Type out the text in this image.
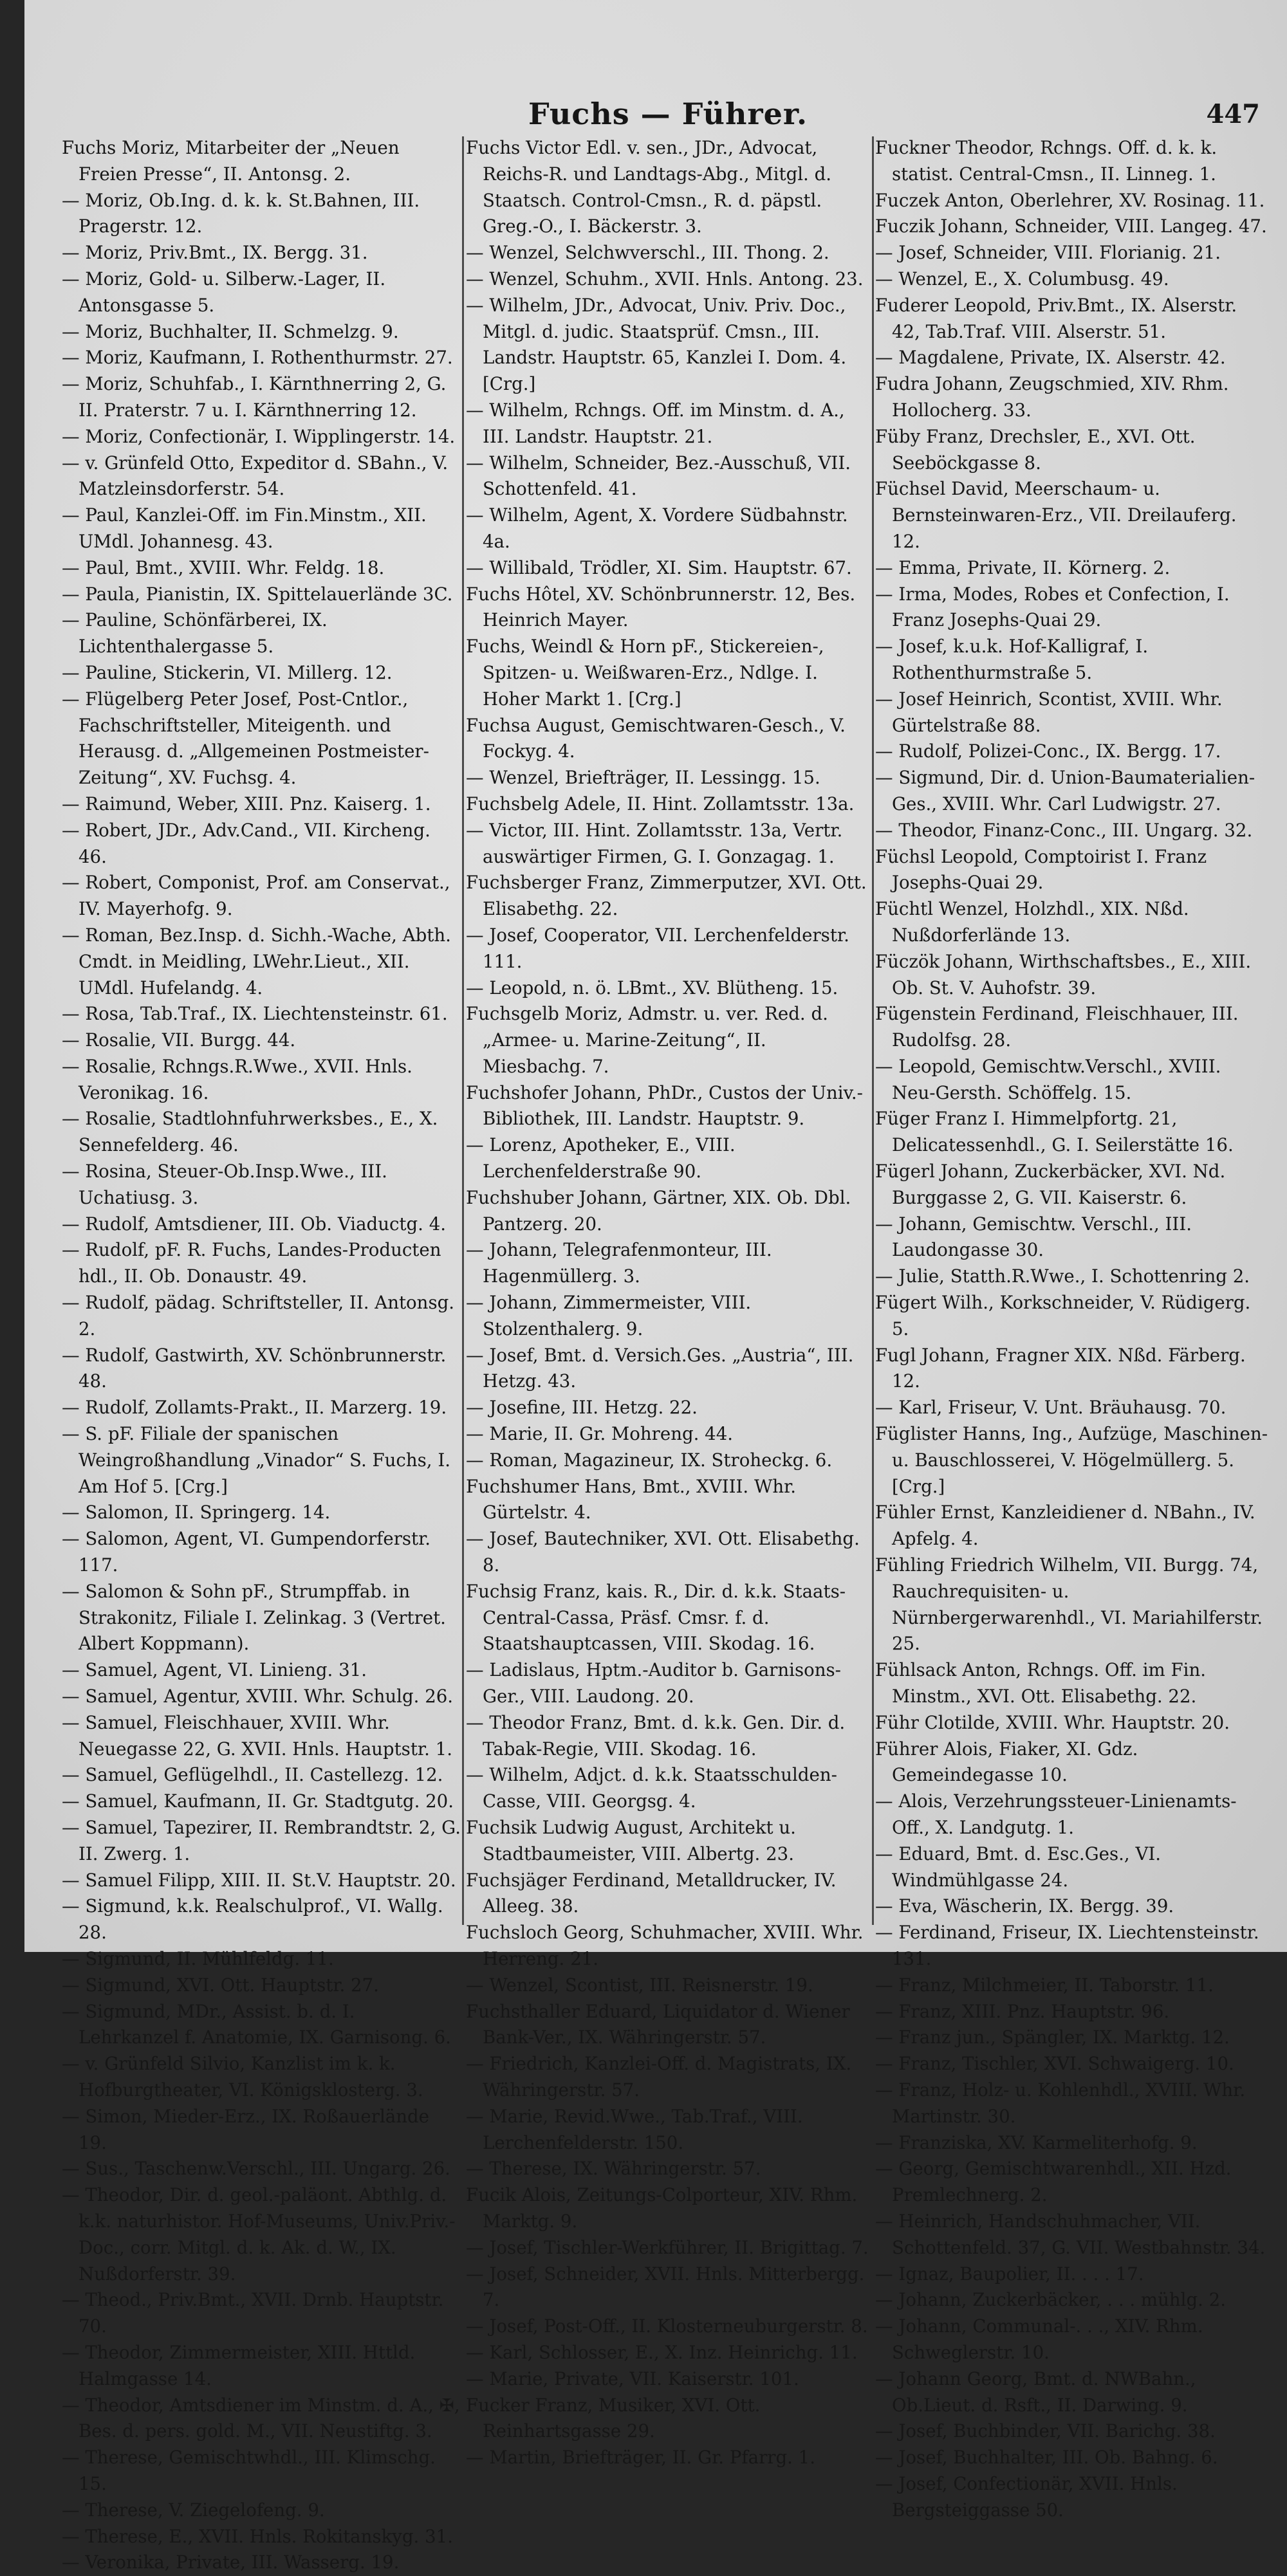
Fuchs — Führer.	447

Fuchs Moriz, Mitarbeiter der „Neuen Freien Presse“, II. Antonsg. 2.

— Moriz, Ob.Ing. d. k. k. St.Bahnen, III. Pragerstr. 12.

— Moriz, Priv.Bmt., IX. Bergg. 31.

— Moriz, Gold- u. Silberw.-Lager, II. Antonsgasse 5.

— Moriz, Buchhalter, II. Schmelzg. 9.

— Moriz, Kaufmann, I. Rothenthurmstr. 27.

— Moriz, Schuhfab., I. Kärnthnerring 2, G. II. Praterstr. 7 u. I. Kärnthnerring 12.

— Moriz, Confectionär, I. Wipplingerstr. 14.

— v. Grünfeld Otto, Expeditor d. SBahn., V. Matzleinsdorferstr. 54.

— Paul, Kanzlei-Off. im Fin.Minstm., XII. UMdl. Johannesg. 43.

— Paul, Bmt., XVIII. Whr. Feldg. 18.

— Paula, Pianistin, IX. Spittelauerlände 3C.

— Pauline, Schönfärberei, IX. Lichtenthalergasse 5.

— Pauline, Stickerin, VI. Millerg. 12.

— Flügelberg Peter Josef, Post-Cntlor., Fachschriftsteller, Miteigenth. und Herausg. d. „Allgemeinen Postmeister-Zeitung“, XV. Fuchsg. 4.

— Raimund, Weber, XIII. Pnz. Kaiserg. 1.

— Robert, JDr., Adv.Cand., VII. Kircheng. 46.

— Robert, Componist, Prof. am Conservat., IV. Mayerhofg. 9.

— Roman, Bez.Insp. d. Sichh.-Wache, Abth. Cmdt. in Meidling, LWehr.Lieut., XII. UMdl. Hufelandg. 4.

— Rosa, Tab.Traf., IX. Liechtensteinstr. 61.

— Rosalie, VII. Burgg. 44.

— Rosalie, Rchngs.R.Wwe., XVII. Hnls. Veronikag. 16.

— Rosalie, Stadtlohnfuhrwerksbes., E., X. Sennefelderg. 46.

— Rosina, Steuer-Ob.Insp.Wwe., III. Uchatiusg. 3.

— Rudolf, Amtsdiener, III. Ob. Viaductg. 4.

— Rudolf, pF. R. Fuchs, Landes-Producten hdl., II. Ob. Donaustr. 49.

— Rudolf, pädag. Schriftsteller, II. Antonsg. 2.

— Rudolf, Gastwirth, XV. Schönbrunnerstr. 48.

— Rudolf, Zollamts-Prakt., II. Marzerg. 19.

— S. pF. Filiale der spanischen Weingroßhandlung „Vinador“ S. Fuchs, I. Am Hof 5. [Crg.]

— Salomon, II. Springerg. 14.

— Salomon, Agent, VI. Gumpendorferstr. 117.

— Salomon & Sohn pF., Strumpffab. in Strakonitz, Filiale I. Zelinkag. 3 (Vertret. Albert Koppmann).

— Samuel, Agent, VI. Linieng. 31.

— Samuel, Agentur, XVIII. Whr. Schulg. 26.

— Samuel, Fleischhauer, XVIII. Whr. Neuegasse 22, G. XVII. Hnls. Hauptstr. 1.

— Samuel, Geflügelhdl., II. Castellezg. 12.

— Samuel, Kaufmann, II. Gr. Stadtgutg. 20.

— Samuel, Tapezirer, II. Rembrandtstr. 2, G. II. Zwerg. 1.

— Samuel Filipp, XIII. II. St.V. Hauptstr. 20.

— Sigmund, k.k. Realschulprof., VI. Wallg. 28.

— Sigmund, II. Mühlfeldg. 11.

— Sigmund, XVI. Ott. Hauptstr. 27.

— Sigmund, MDr., Assist. b. d. I. Lehrkanzel f. Anatomie, IX. Garnisong. 6.

— v. Grünfeld Silvio, Kanzlist im k. k. Hofburgtheater, VI. Königsklosterg. 3.

— Simon, Mieder-Erz., IX. Roßauerlände 19.

— Sus., Taschenw.Verschl., III. Ungarg. 26.

— Theodor, Dir. d. geol.-paläont. Abthlg. d. k.k. naturhistor. Hof-Museums, Univ.Priv.-Doc., corr. Mitgl. d. k. Ak. d. W., IX. Nußdorferstr. 39.

— Theod., Priv.Bmt., XVII. Drnb. Hauptstr. 70.

— Theodor, Zimmermeister, XIII. Httld. Halmgasse 14.

— Theodor, Amtsdiener im Minstm. d. A., ✠, Bes. d. pers. gold. M., VII. Neustiftg. 3.

— Therese, Gemischtwhdl., III. Klimschg. 15.

— Therese, V. Ziegelofeng. 9.

— Therese, E., XVII. Hnls. Rokitanskyg. 31.

— Veronika, Private, III. Wasserg. 19.

Fuchs Victor Edl. v. sen., JDr., Advocat, Reichs-R. und Landtags-Abg., Mitgl. d. Staatsch. Control-Cmsn., R. d. päpstl. Greg.-O., I. Bäckerstr. 3.

— Wenzel, Selchwverschl., III. Thong. 2.

— Wenzel, Schuhm., XVII. Hnls. Antong. 23.

— Wilhelm, JDr., Advocat, Univ. Priv. Doc., Mitgl. d. judic. Staatsprüf. Cmsn., III. Landstr. Hauptstr. 65, Kanzlei I. Dom. 4. [Crg.]

— Wilhelm, Rchngs. Off. im Minstm. d. A., III. Landstr. Hauptstr. 21.

— Wilhelm, Schneider, Bez.-Ausschuß, VII. Schottenfeld. 41.

— Wilhelm, Agent, X. Vordere Südbahnstr. 4a.

— Willibald, Trödler, XI. Sim. Hauptstr. 67.

Fuchs Hôtel, XV. Schönbrunnerstr. 12, Bes. Heinrich Mayer.

Fuchs, Weindl & Horn pF., Stickereien-, Spitzen- u. Weißwaren-Erz., Ndlge. I. Hoher Markt 1. [Crg.]

Fuchsa August, Gemischtwaren-Gesch., V. Fockyg. 4.

— Wenzel, Briefträger, II. Lessingg. 15.

Fuchsbelg Adele, II. Hint. Zollamtsstr. 13a.

— Victor, III. Hint. Zollamtsstr. 13a, Vertr. auswärtiger Firmen, G. I. Gonzagag. 1.

Fuchsberger Franz, Zimmerputzer, XVI. Ott. Elisabethg. 22.

— Josef, Cooperator, VII. Lerchenfelderstr. 111.

— Leopold, n. ö. LBmt., XV. Blütheng. 15.

Fuchsgelb Moriz, Admstr. u. ver. Red. d. „Armee- u. Marine-Zeitung“, II. Miesbachg. 7.

Fuchshofer Johann, PhDr., Custos der Univ.-Bibliothek, III. Landstr. Hauptstr. 9.

— Lorenz, Apotheker, E., VIII. Lerchenfelderstraße 90.

Fuchshuber Johann, Gärtner, XIX. Ob. Dbl. Pantzerg. 20.

— Johann, Telegrafenmonteur, III. Hagenmüllerg. 3.

— Johann, Zimmermeister, VIII. Stolzenthalerg. 9.

— Josef, Bmt. d. Versich.Ges. „Austria“, III. Hetzg. 43.

— Josefine, III. Hetzg. 22.

— Marie, II. Gr. Mohreng. 44.

— Roman, Magazineur, IX. Stroheckg. 6.

Fuchshumer Hans, Bmt., XVIII. Whr. Gürtelstr. 4.

— Josef, Bautechniker, XVI. Ott. Elisabethg. 8.

Fuchsig Franz, kais. R., Dir. d. k.k. Staats-Central-Cassa, Präsf. Cmsr. f. d. Staatshauptcassen, VIII. Skodag. 16.

— Ladislaus, Hptm.-Auditor b. Garnisons-Ger., VIII. Laudong. 20.

— Theodor Franz, Bmt. d. k.k. Gen. Dir. d. Tabak-Regie, VIII. Skodag. 16.

— Wilhelm, Adjct. d. k.k. Staatsschulden-Casse, VIII. Georgsg. 4.

Fuchsik Ludwig August, Architekt u. Stadtbaumeister, VIII. Albertg. 23.

Fuchsjäger Ferdinand, Metalldrucker, IV. Alleeg. 38.

Fuchsloch Georg, Schuhmacher, XVIII. Whr. Herreng. 21.

— Wenzel, Scontist, III. Reisnerstr. 19.

Fuchsthaller Eduard, Liquidator d. Wiener Bank-Ver., IX. Währingerstr. 57.

— Friedrich, Kanzlei-Off. d. Magistrats, IX. Währingerstr. 57.

— Marie, Revid.Wwe., Tab.Traf., VIII. Lerchenfelderstr. 150.

— Therese, IX. Währingerstr. 57.

Fucik Alois, Zeitungs-Colporteur, XIV. Rhm. Marktg. 9.

— Josef, Tischler-Werkführer, II. Brigittag. 7.

— Josef, Schneider, XVII. Hnls. Mitterbergg. 7.

— Josef, Post-Off., II. Klosterneuburgerstr. 8.

— Karl, Schlosser, E., X. Inz. Heinrichg. 11.

— Marie, Private, VII. Kaiserstr. 101.

Fucker Franz, Musiker, XVI. Ott. Reinhartsgasse 29.

— Martin, Briefträger, II. Gr. Pfarrg. 1.

Fuckner Theodor, Rchngs. Off. d. k. k. statist. Central-Cmsn., II. Linneg. 1.

Fuczek Anton, Oberlehrer, XV. Rosinag. 11.

Fuczik Johann, Schneider, VIII. Langeg. 47.

— Josef, Schneider, VIII. Florianig. 21.

— Wenzel, E., X. Columbusg. 49.

Fuderer Leopold, Priv.Bmt., IX. Alserstr. 42, Tab.Traf. VIII. Alserstr. 51.

— Magdalene, Private, IX. Alserstr. 42.

Fudra Johann, Zeugschmied, XIV. Rhm. Hollocherg. 33.

Füby Franz, Drechsler, E., XVI. Ott. Seeböckgasse 8.

Füchsel David, Meerschaum- u. Bernsteinwaren-Erz., VII. Dreilauferg. 12.

— Emma, Private, II. Körnerg. 2.

— Irma, Modes, Robes et Confection, I. Franz Josephs-Quai 29.

— Josef, k.u.k. Hof-Kalligraf, I. Rothenthurmstraße 5.

— Josef Heinrich, Scontist, XVIII. Whr. Gürtelstraße 88.

— Rudolf, Polizei-Conc., IX. Bergg. 17.

— Sigmund, Dir. d. Union-Baumaterialien-Ges., XVIII. Whr. Carl Ludwigstr. 27.

— Theodor, Finanz-Conc., III. Ungarg. 32.

Füchsl Leopold, Comptoirist I. Franz Josephs-Quai 29.

Füchtl Wenzel, Holzhdl., XIX. Nßd. Nußdorferlände 13.

Füczök Johann, Wirthschaftsbes., E., XIII. Ob. St. V. Auhofstr. 39.

Fügenstein Ferdinand, Fleischhauer, III. Rudolfsg. 28.

— Leopold, Gemischtw.Verschl., XVIII. Neu-Gersth. Schöffelg. 15.

Füger Franz I. Himmelpfortg. 21, Delicatessenhdl., G. I. Seilerstätte 16.

Fügerl Johann, Zuckerbäcker, XVI. Nd. Burggasse 2, G. VII. Kaiserstr. 6.

— Johann, Gemischtw. Verschl., III. Laudongasse 30.

— Julie, Statth.R.Wwe., I. Schottenring 2.

Fügert Wilh., Korkschneider, V. Rüdigerg. 5.

Fugl Johann, Fragner XIX. Nßd. Färberg. 12.

— Karl, Friseur, V. Unt. Bräuhausg. 70.

Füglister Hanns, Ing., Aufzüge, Maschinen- u. Bauschlosserei, V. Högelmüllerg. 5. [Crg.]

Fühler Ernst, Kanzleidiener d. NBahn., IV. Apfelg. 4.

Fühling Friedrich Wilhelm, VII. Burgg. 74, Rauchrequisiten- u. Nürnbergerwarenhdl., VI. Mariahilferstr. 25.

Fühlsack Anton, Rchngs. Off. im Fin. Minstm., XVI. Ott. Elisabethg. 22.

Führ Clotilde, XVIII. Whr. Hauptstr. 20.

Führer Alois, Fiaker, XI. Gdz. Gemeindegasse 10.

— Alois, Verzehrungssteuer-Linienamts-Off., X. Landgutg. 1.

— Eduard, Bmt. d. Esc.Ges., VI. Windmühlgasse 24.

— Eva, Wäscherin, IX. Bergg. 39.

— Ferdinand, Friseur, IX. Liechtensteinstr. 131.

— Franz, Milchmeier, II. Taborstr. 11.

— Franz, XIII. Pnz. Hauptstr. 96.

— Franz jun., Spängler, IX. Marktg. 12.

— Franz, Tischler, XVI. Schwaigerg. 10.

— Franz, Holz- u. Kohlenhdl., XVIII. Whr. Martinstr. 30.

— Franziska, XV. Karmeliterhofg. 9.

— Georg, Gemischtwarenhdl., XII. Hzd. Premlechnerg. 2.

— Heinrich, Handschuhmacher, VII. Schottenfeld. 37, G. VII. Westbahnstr. 34.

— Ignaz, Baupolier, II. . . . 17.

— Johann, Zuckerbäcker, . . . mühlg. 2.

— Johann, Communal-. . ., XIV. Rhm. Schweglerstr. 10.

— Johann Georg, Bmt. d. NWBahn., Ob.Lieut. d. Rsft., II. Darwing. 9.

— Josef, Buchbinder, VII. Barichg. 38.

— Josef, Buchhalter, III. Ob. Bahng. 6.

— Josef, Confectionär, XVII. Hnls. Bergsteiggasse 50.
